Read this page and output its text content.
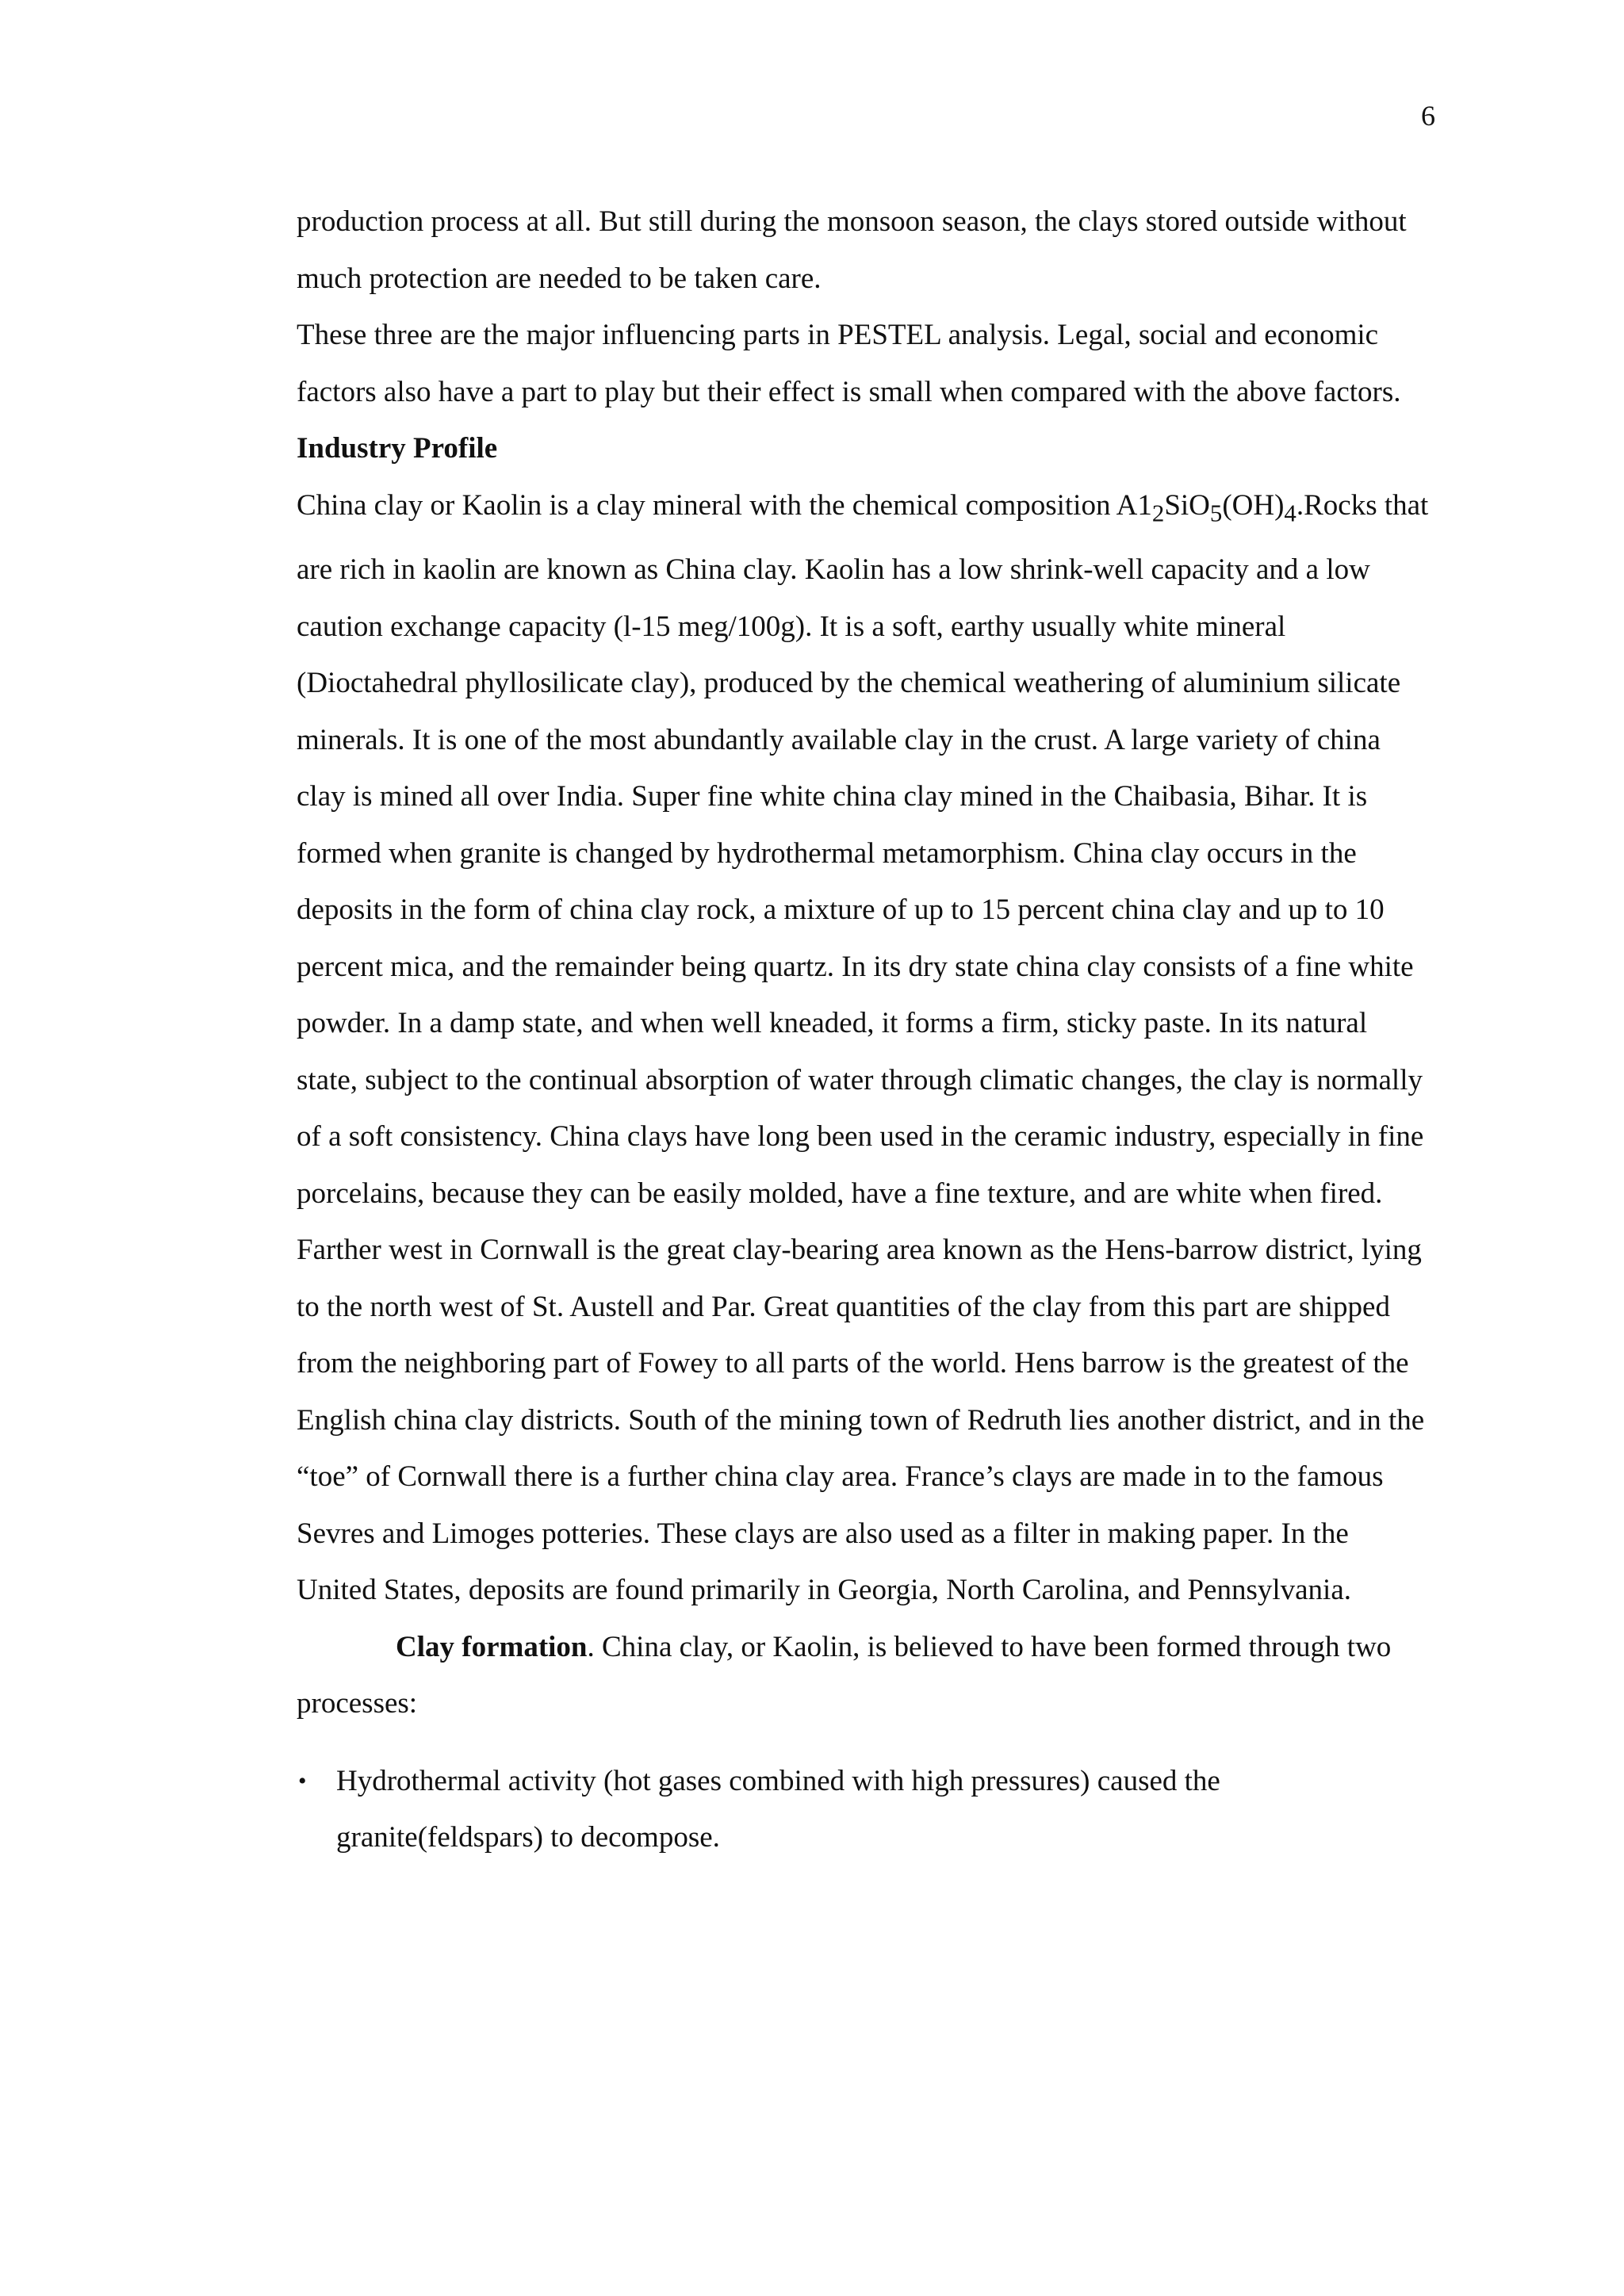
6

production process at all. But still during the monsoon season, the clays stored outside without much protection are needed to be taken care.

These three are the major influencing parts in PESTEL analysis. Legal, social and economic factors also have a part to play but their effect is small when compared with the above factors.

Industry Profile

China clay or Kaolin is a clay mineral with the chemical composition $A1_2SiO_5(OH)_4.Rocks$ that are rich in kaolin are known as China clay. Kaolin has a low shrink-well capacity and a low caution exchange capacity (l-15 meg/100g). It is a soft, earthy usually white mineral (Dioctahedral phyllosilicate clay), produced by the chemical weathering of aluminium silicate minerals. It is one of the most abundantly available clay in the crust. A large variety of china clay is mined all over India. Super fine white china clay mined in the Chaibasia, Bihar. It is formed when granite is changed by hydrothermal metamorphism. China clay occurs in the deposits in the form of china clay rock, a mixture of up to 15 percent china clay and up to 10 percent mica, and the remainder being quartz. In its dry state china clay consists of a fine white powder. In a damp state, and when well kneaded, it forms a firm, sticky paste. In its natural state, subject to the continual absorption of water through climatic changes, the clay is normally of a soft consistency. China clays have long been used in the ceramic industry, especially in fine porcelains, because they can be easily molded, have a fine texture, and are white when fired.

Farther west in Cornwall is the great clay-bearing area known as the Hens-barrow district, lying to the north west of St. Austell and Par. Great quantities of the clay from this part are shipped from the neighboring part of Fowey to all parts of the world. Hens barrow is the greatest of the English china clay districts. South of the mining town of Redruth lies another district, and in the “toe” of Cornwall there is a further china clay area. France’s clays are made in to the famous Sevres and Limoges potteries. These clays are also used as a filter in making paper. In the United States, deposits are found primarily in Georgia, North Carolina, and Pennsylvania.

Clay formation. China clay, or Kaolin, is believed to have been formed through two processes:

• Hydrothermal activity (hot gases combined with high pressures) caused the granite(feldspars) to decompose.
